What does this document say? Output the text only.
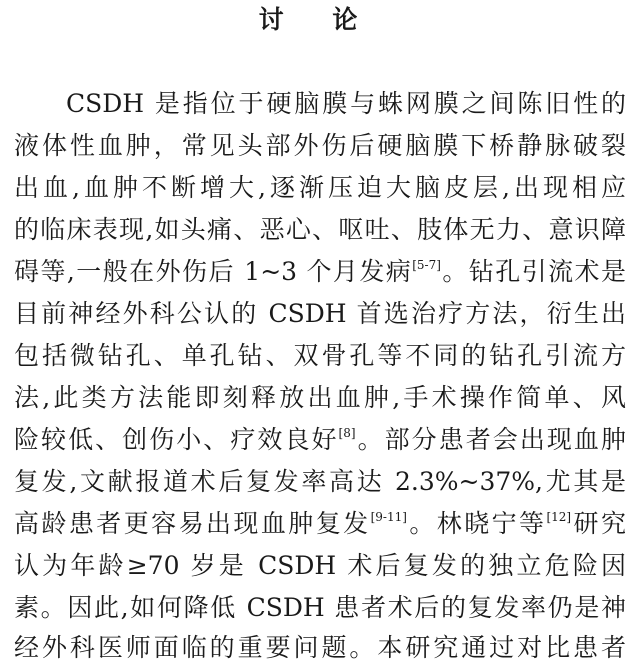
讨 论
CSDH 是指位于硬脑膜与蛛网膜之间陈旧性的
液体性血肿，常见头部外伤后硬脑膜下桥静脉破裂
出血,血肿不断增大,逐渐压迫大脑皮层,出现相应
的临床表现,如头痛、恶心、呕吐、肢体无力、意识障
碍等,一般在外伤后 1~3 个月发病[5-7]。钻孔引流术是
目前神经外科公认的 CSDH 首选治疗方法，衍生出
包括微钻孔、单孔钻、双骨孔等不同的钻孔引流方
法,此类方法能即刻释放出血肿,手术操作简单、风
险较低、创伤小、疗效良好[8]。部分患者会出现血肿
复发,文献报道术后复发率高达 2.3%~37%,尤其是
高龄患者更容易出现血肿复发[9-11]。林晓宁等[12]研究
认为年龄≥70 岁是 CSDH 术后复发的独立危险因
素。因此,如何降低 CSDH 患者术后的复发率仍是神
经外科医师面临的重要问题。本研究通过对比患者
